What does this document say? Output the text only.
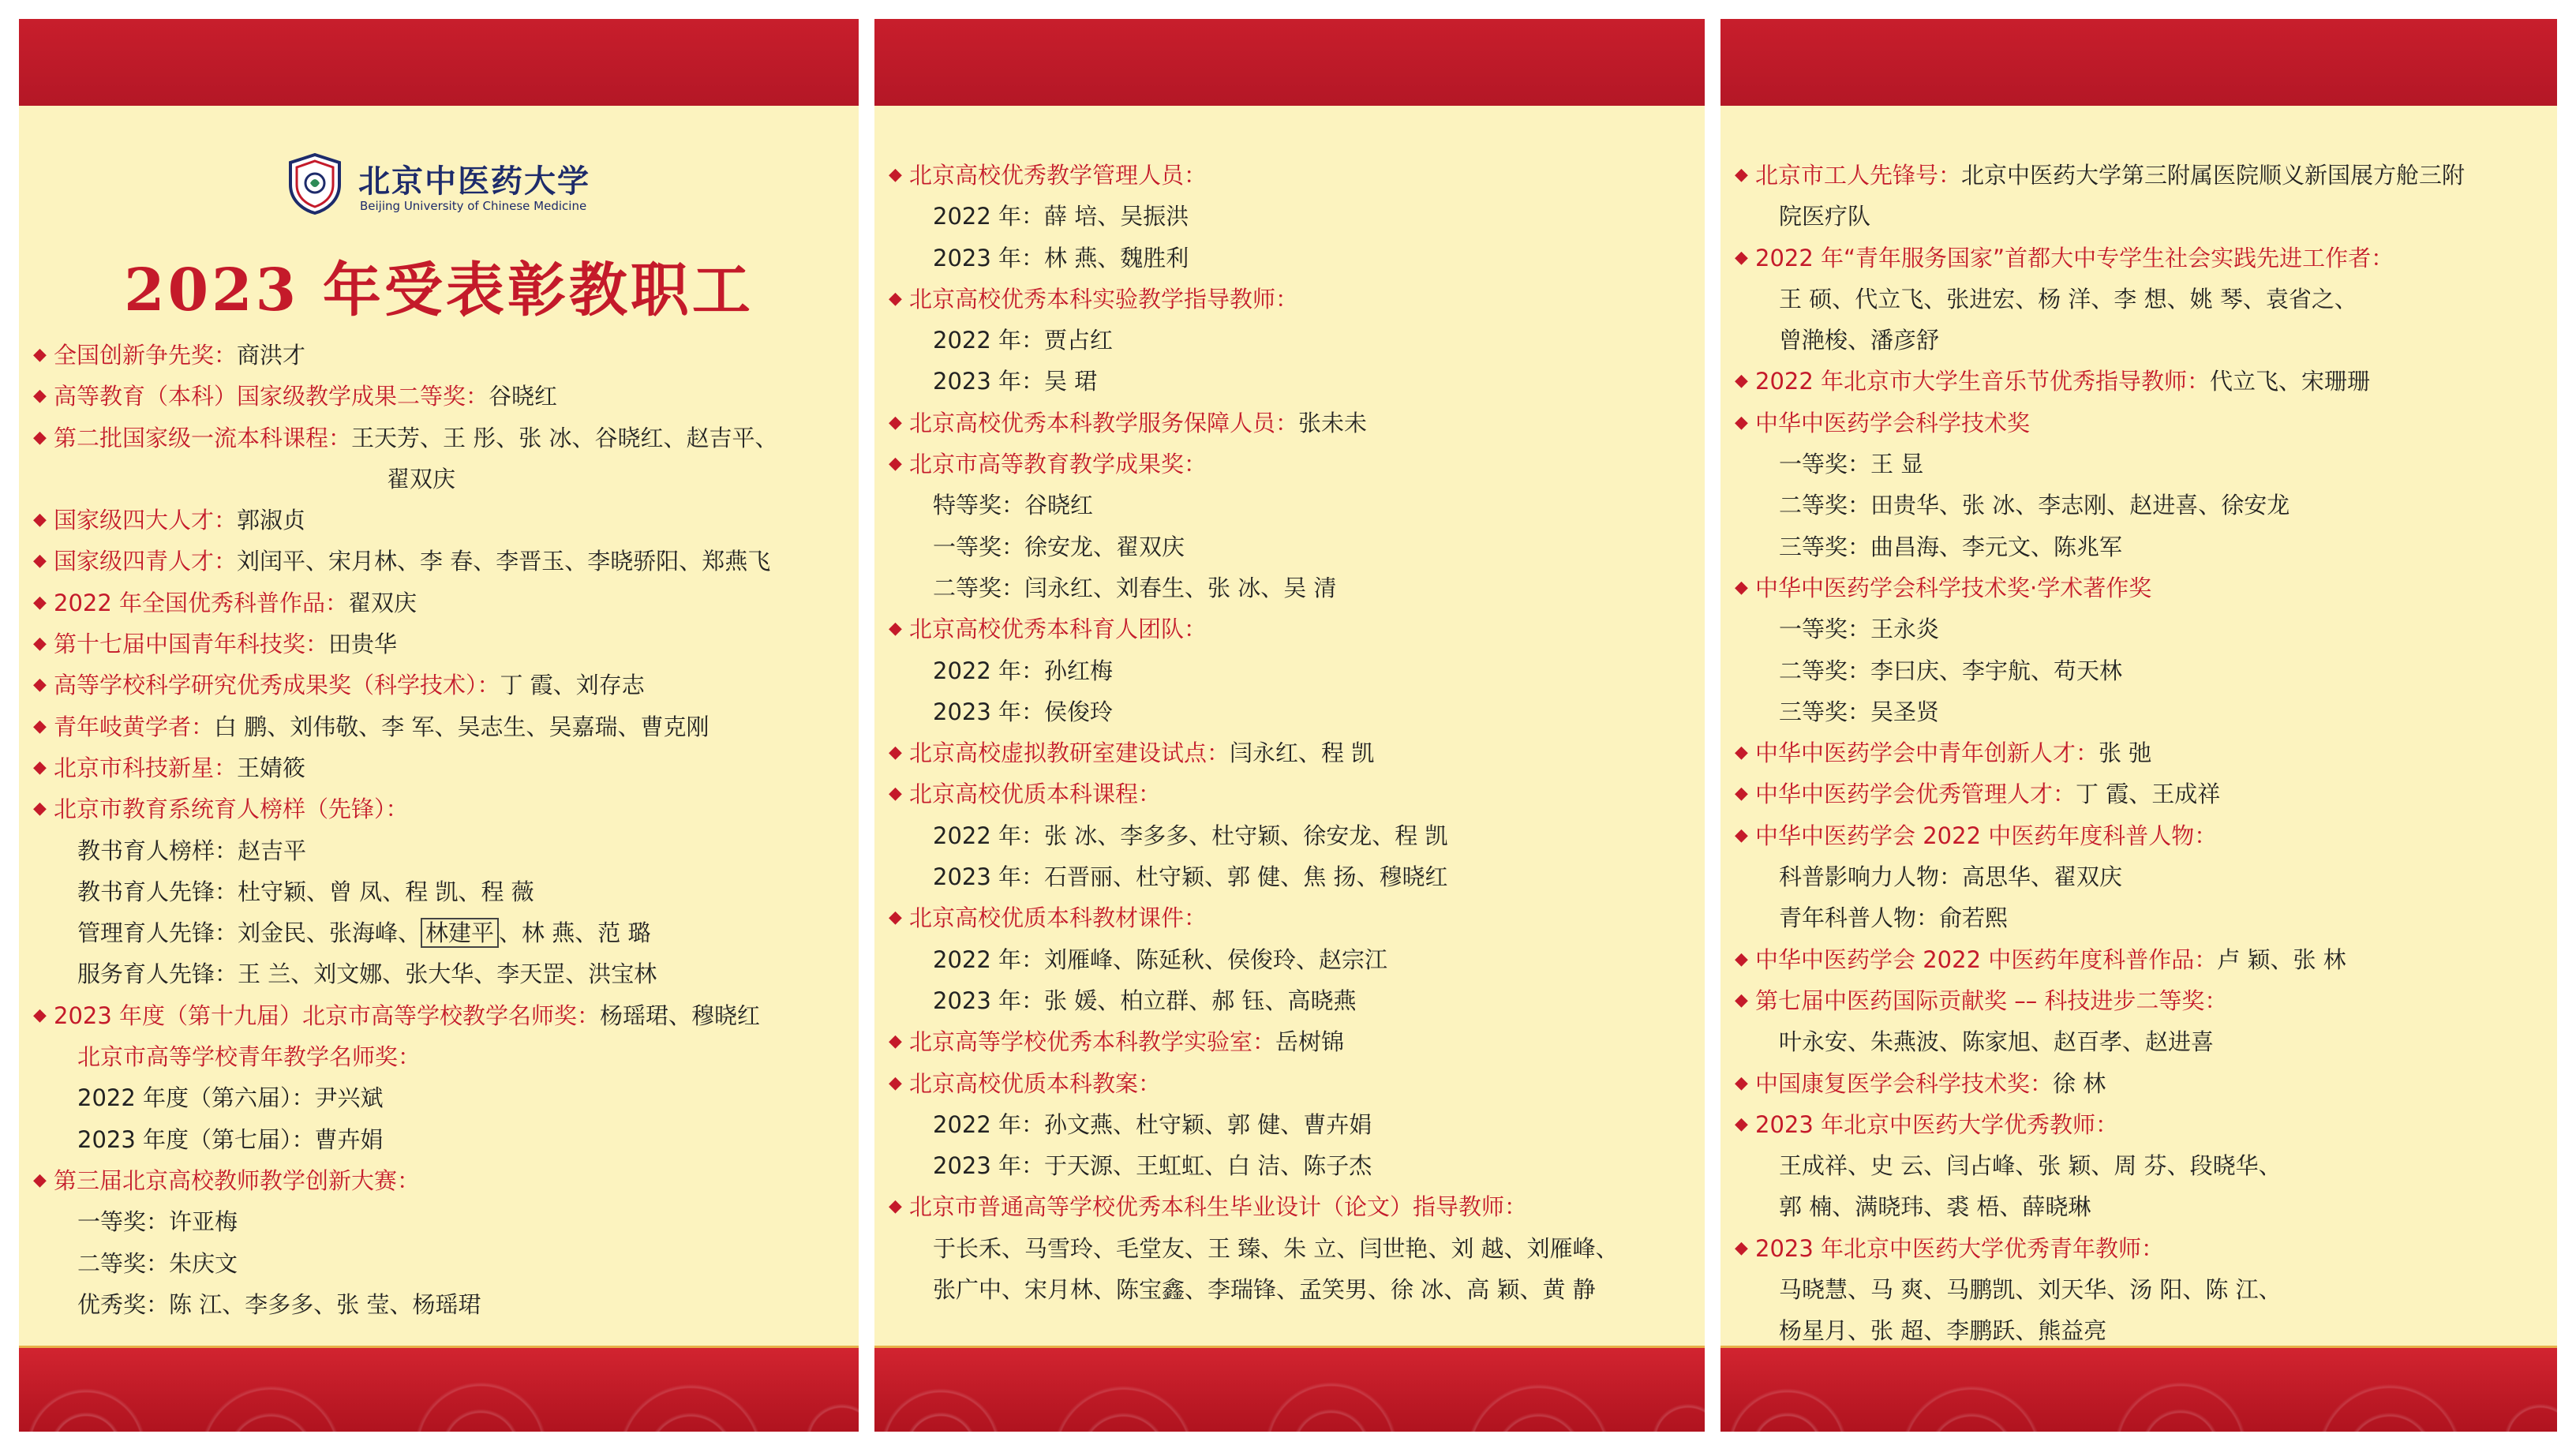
北京中医药大学
Beijing University of Chinese Medicine
2023 年受表彰教职工
◆ 全国创新争先奖：商洪才
◆ 高等教育（本科）国家级教学成果二等奖：谷晓红
◆ 第二批国家级一流本科课程：王天芳、王 彤、张 冰、谷晓红、赵吉平、
翟双庆
◆ 国家级四大人才：郭淑贞
◆ 国家级四青人才：刘闰平、宋月林、李 春、李晋玉、李晓骄阳、郑燕飞
◆ 2022 年全国优秀科普作品：翟双庆
◆ 第十七届中国青年科技奖：田贵华
◆ 高等学校科学研究优秀成果奖（科学技术）：丁 霞、刘存志
◆ 青年岐黄学者：白 鹏、刘伟敬、李 军、吴志生、吴嘉瑞、曹克刚
◆ 北京市科技新星：王婧筱
◆ 北京市教育系统育人榜样（先锋）：
教书育人榜样：赵吉平
教书育人先锋：杜守颖、曾 凤、程 凯、程 薇
管理育人先锋：刘金民、张海峰、 林建平 、林 燕、范 璐
服务育人先锋：王 兰、刘文娜、张大华、李天罡、洪宝林
◆ 2023 年度（第十九届）北京市高等学校教学名师奖：杨瑶珺、穆晓红
北京市高等学校青年教学名师奖：
2022 年度（第六届）：尹兴斌
2023 年度（第七届）：曹卉娟
◆ 第三届北京高校教师教学创新大赛：
一等奖：许亚梅
二等奖：朱庆文
优秀奖：陈 江、李多多、张 莹、杨瑶珺
◆ 北京高校优秀教学管理人员：
2022 年：薛 培、吴振洪
2023 年：林 燕、魏胜利
◆ 北京高校优秀本科实验教学指导教师：
2022 年：贾占红
2023 年：吴 珺
◆ 北京高校优秀本科教学服务保障人员：张未未
◆ 北京市高等教育教学成果奖：
特等奖：谷晓红
一等奖：徐安龙、翟双庆
二等奖：闫永红、刘春生、张 冰、吴 清
◆ 北京高校优秀本科育人团队：
2022 年：孙红梅
2023 年：侯俊玲
◆ 北京高校虚拟教研室建设试点：闫永红、程 凯
◆ 北京高校优质本科课程：
2022 年：张 冰、李多多、杜守颖、徐安龙、程 凯
2023 年：石晋丽、杜守颖、郭 健、焦 扬、穆晓红
◆ 北京高校优质本科教材课件：
2022 年：刘雁峰、陈延秋、侯俊玲、赵宗江
2023 年：张 媛、柏立群、郝 钰、高晓燕
◆ 北京高等学校优秀本科教学实验室：岳树锦
◆ 北京高校优质本科教案：
2022 年：孙文燕、杜守颖、郭 健、曹卉娟
2023 年：于天源、王虹虹、白 洁、陈子杰
◆ 北京市普通高等学校优秀本科生毕业设计（论文）指导教师：
于长禾、马雪玲、毛堂友、王 臻、朱 立、闫世艳、刘 越、刘雁峰、
张广中、宋月林、陈宝鑫、李瑞锋、孟笑男、徐 冰、高 颖、黄 静
◆ 北京市工人先锋号：北京中医药大学第三附属医院顺义新国展方舱三附
院医疗队
◆ 2022 年“青年服务国家”首都大中专学生社会实践先进工作者：
王 硕、代立飞、张进宏、杨 洋、李 想、姚 琴、袁省之、
曾滟梭、潘彦舒
◆ 2022 年北京市大学生音乐节优秀指导教师：代立飞、宋珊珊
◆ 中华中医药学会科学技术奖
一等奖：王 显
二等奖：田贵华、张 冰、李志刚、赵进喜、徐安龙
三等奖：曲昌海、李元文、陈兆军
◆ 中华中医药学会科学技术奖·学术著作奖
一等奖：王永炎
二等奖：李曰庆、李宇航、苟天林
三等奖：吴圣贤
◆ 中华中医药学会中青年创新人才：张 弛
◆ 中华中医药学会优秀管理人才：丁 霞、王成祥
◆ 中华中医药学会 2022 中医药年度科普人物：
科普影响力人物：高思华、翟双庆
青年科普人物：俞若熙
◆ 中华中医药学会 2022 中医药年度科普作品：卢 颖、张 林
◆ 第七届中医药国际贡献奖 –– 科技进步二等奖：
叶永安、朱燕波、陈家旭、赵百孝、赵进喜
◆ 中国康复医学会科学技术奖：徐 林
◆ 2023 年北京中医药大学优秀教师：
王成祥、史 云、闫占峰、张 颖、周 芬、段晓华、
郭 楠、满晓玮、裘 梧、薛晓琳
◆ 2023 年北京中医药大学优秀青年教师：
马晓慧、马 爽、马鹏凯、刘天华、汤 阳、陈 江、
杨星月、张 超、李鹏跃、熊益亮
